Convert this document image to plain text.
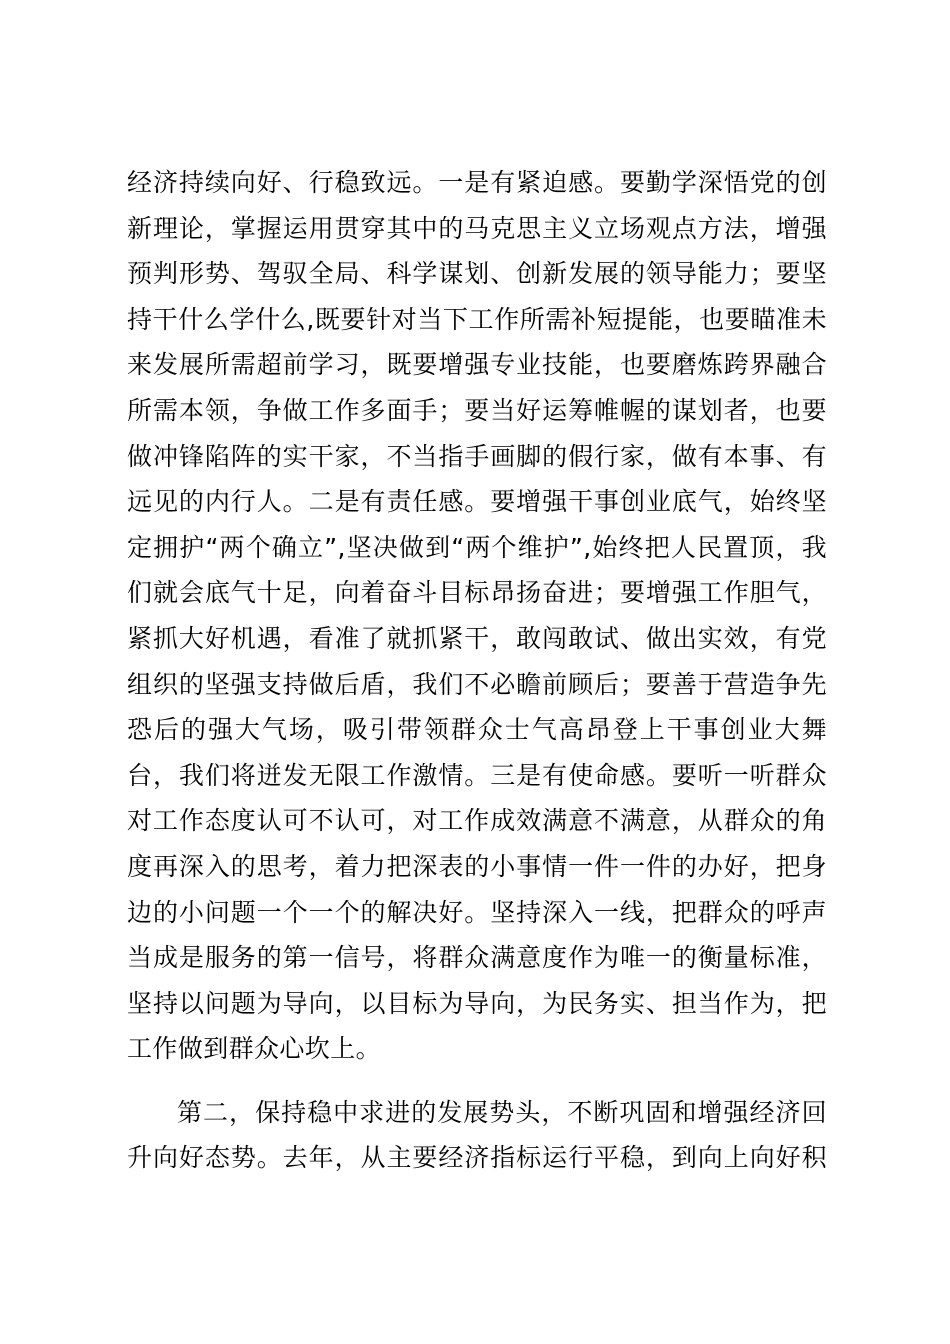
经济持续向好、行稳致远。一是有紧迫感。要勤学深悟党的创
新理论，掌握运用贯穿其中的马克思主义立场观点方法，增强
预判形势、驾驭全局、科学谋划、创新发展的领导能力；要坚
持干什么学什么,既要针对当下工作所需补短提能，也要瞄准未
来发展所需超前学习，既要增强专业技能，也要磨炼跨界融合
所需本领，争做工作多面手；要当好运筹帷幄的谋划者，也要
做冲锋陷阵的实干家，不当指手画脚的假行家，做有本事、有
远见的内行人。二是有责任感。要增强干事创业底气，始终坚
定拥护“两个确立”,坚决做到“两个维护”,始终把人民置顶，我
们就会底气十足，向着奋斗目标昂扬奋进；要增强工作胆气，
紧抓大好机遇，看准了就抓紧干，敢闯敢试、做出实效，有党
组织的坚强支持做后盾，我们不必瞻前顾后；要善于营造争先
恐后的强大气场，吸引带领群众士气高昂登上干事创业大舞
台，我们将迸发无限工作激情。三是有使命感。要听一听群众
对工作态度认可不认可，对工作成效满意不满意，从群众的角
度再深入的思考，着力把深表的小事情一件一件的办好，把身
边的小问题一个一个的解决好。坚持深入一线，把群众的呼声
当成是服务的第一信号，将群众满意度作为唯一的衡量标准，
坚持以问题为导向，以目标为导向，为民务实、担当作为，把
工作做到群众心坎上。
第二，保持稳中求进的发展势头，不断巩固和增强经济回
升向好态势。去年，从主要经济指标运行平稳，到向上向好积
